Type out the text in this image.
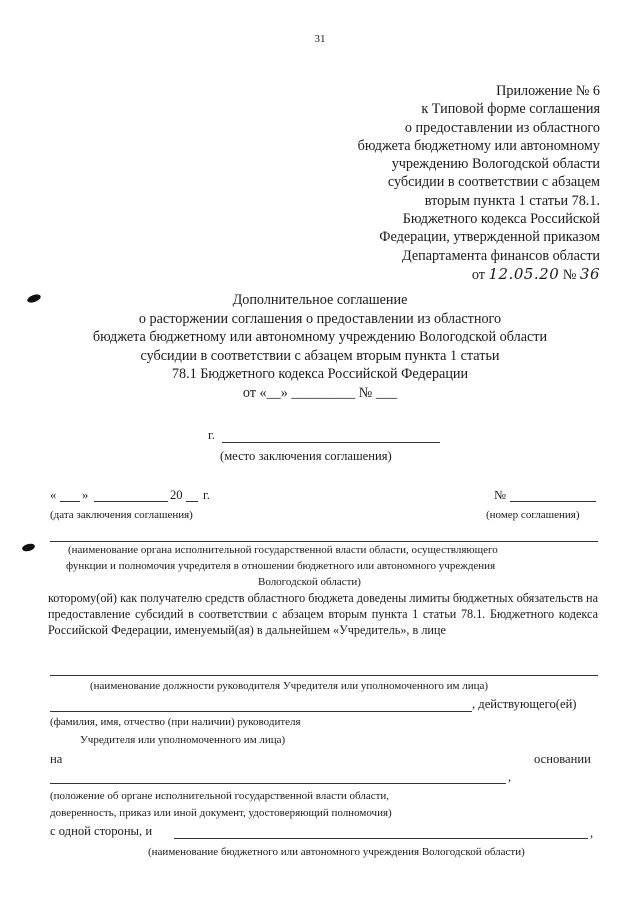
31
Приложение № 6
к Типовой форме соглашения
о предоставлении из областного
бюджета бюджетному или автономному
учреждению Вологодской области
субсидии в соответствии с абзацем
вторым пункта 1 статьи 78.1.
Бюджетного кодекса Российской
Федерации, утвержденной приказом
Департамента финансов области
от 12.05.20 № 36
Дополнительное соглашение
о расторжении соглашения о предоставлении из областного
бюджета бюджетному или автономному учреждению Вологодской области
субсидии в соответствии с абзацем вторым пункта 1 статьи
78.1 Бюджетного кодекса Российской Федерации
от «__» _________ № ___
г.
(место заключения соглашения)
« »	20 г.
(дата заключения соглашения)
№
(номер соглашения)
(наименование органа исполнительной государственной власти области, осуществляющего
функции и полномочия учредителя в отношении бюджетного или автономного учреждения
Вологодской области)
которому(ой) как получателю средств областного бюджета доведены лимиты бюджетных обязательств на предоставление субсидий в соответствии с абзацем вторым пункта 1 статьи 78.1. Бюджетного кодекса Российской Федерации, именуемый(ая) в дальнейшем «Учредитель», в лице
(наименование должности руководителя Учредителя или уполномоченного им лица)
, действующего(ей)
(фамилия, имя, отчество (при наличии) руководителя
Учредителя или уполномоченного им лица)
на	основании
,
(положение об органе исполнительной государственной власти области,
доверенность, приказ или иной документ, удостоверяющий полномочия)
с одной стороны, и	,
(наименование бюджетного или автономного учреждения Вологодской области)
